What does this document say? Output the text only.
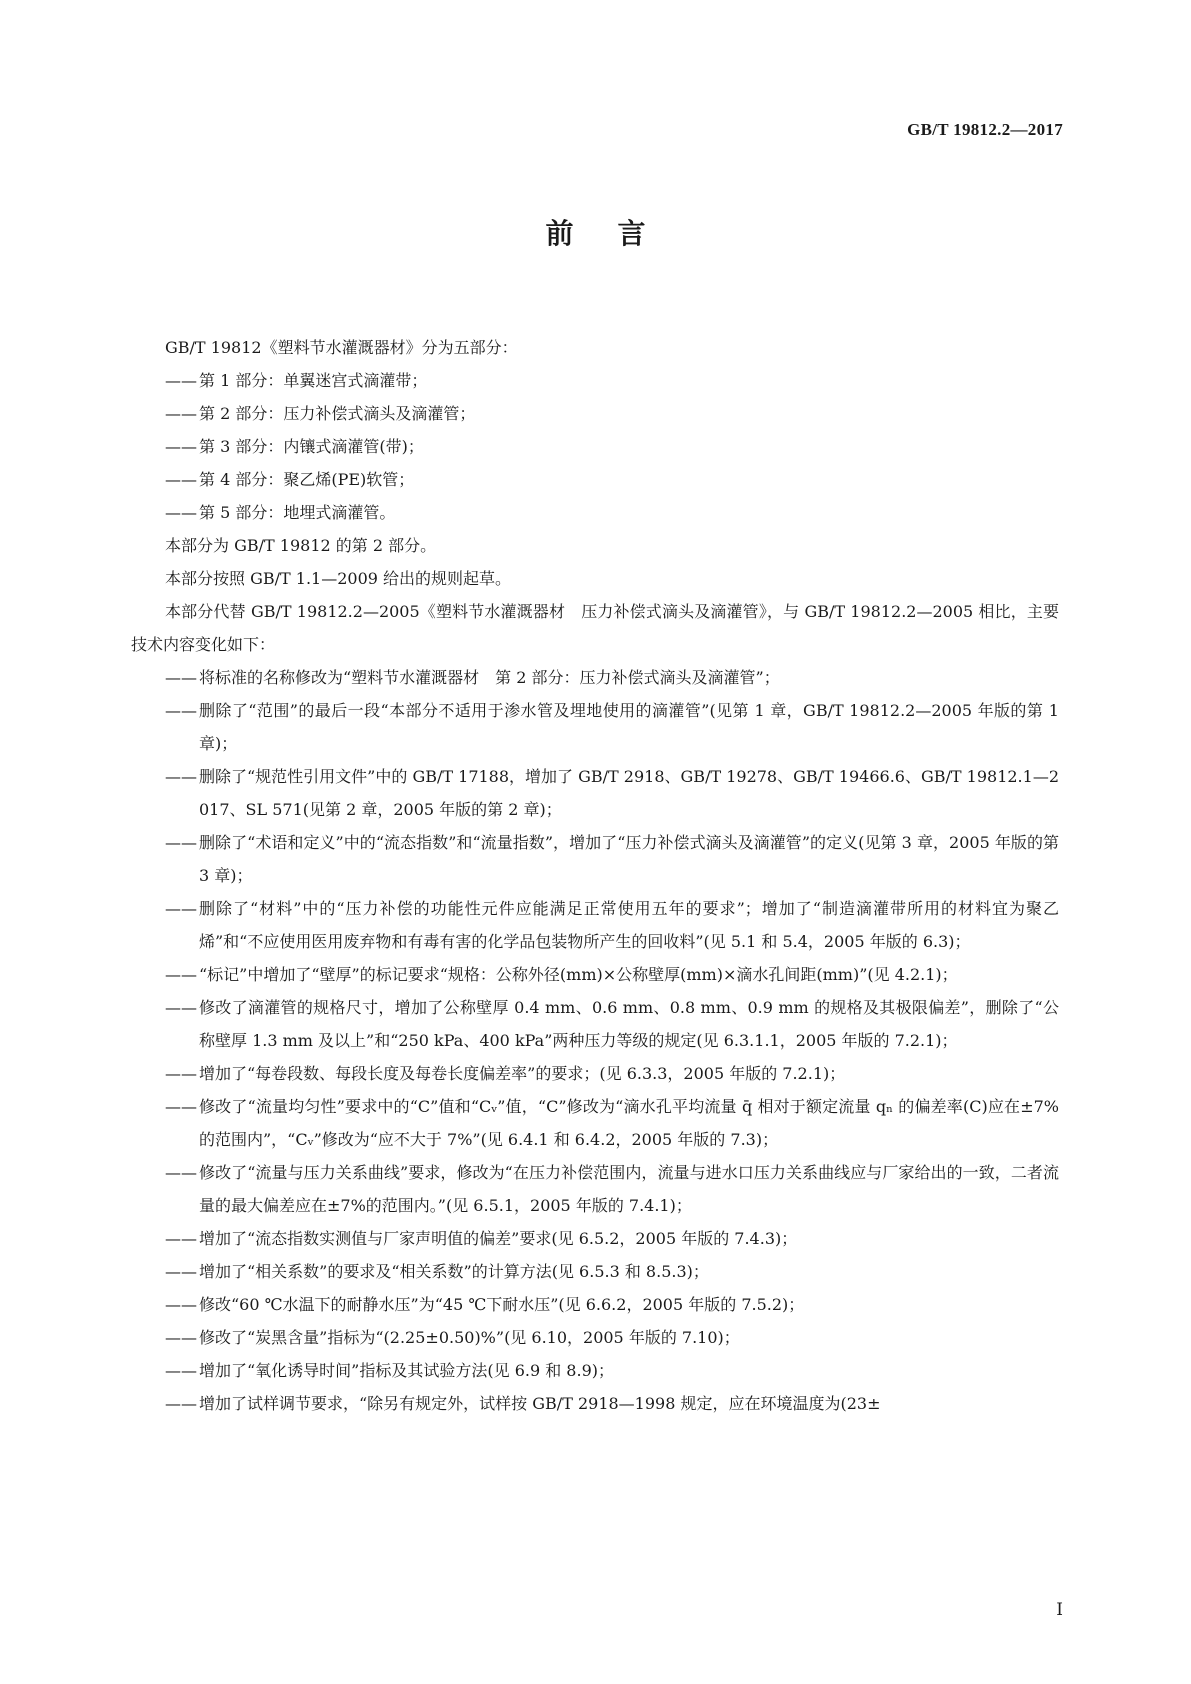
GB/T 19812.2—2017
前言

GB/T 19812《塑料节水灌溉器材》分为五部分：

—— 第 1 部分：单翼迷宫式滴灌带；
—— 第 2 部分：压力补偿式滴头及滴灌管；
—— 第 3 部分：内镶式滴灌管(带)；
—— 第 4 部分：聚乙烯(PE)软管；
—— 第 5 部分：地埋式滴灌管。

本部分为 GB/T 19812 的第 2 部分。

本部分按照 GB/T 1.1—2009 给出的规则起草。

本部分代替 GB/T 19812.2—2005《塑料节水灌溉器材　压力补偿式滴头及滴灌管》，与 GB/T 19812.2—2005 相比，主要技术内容变化如下：

—— 将标准的名称修改为“塑料节水灌溉器材　第 2 部分：压力补偿式滴头及滴灌管”；
—— 删除了“范围”的最后一段“本部分不适用于渗水管及埋地使用的滴灌管”(见第 1 章，GB/T 19812.2—2005 年版的第 1 章)；
—— 删除了“规范性引用文件”中的 GB/T 17188，增加了 GB/T 2918、GB/T 19278、GB/T 19466.6、GB/T 19812.1—2017、SL 571(见第 2 章，2005 年版的第 2 章)；
—— 删除了“术语和定义”中的“流态指数”和“流量指数”，增加了“压力补偿式滴头及滴灌管”的定义(见第 3 章，2005 年版的第 3 章)；
—— 删除了“材料”中的“压力补偿的功能性元件应能满足正常使用五年的要求”；增加了“制造滴灌带所用的材料宜为聚乙烯”和“不应使用医用废弃物和有毒有害的化学品包装物所产生的回收料”(见 5.1 和 5.4，2005 年版的 6.3)；
—— “标记”中增加了“壁厚”的标记要求“规格：公称外径(mm)×公称壁厚(mm)×滴水孔间距(mm)”(见 4.2.1)；
—— 修改了滴灌管的规格尺寸，增加了公称壁厚 0.4 mm、0.6 mm、0.8 mm、0.9 mm 的规格及其极限偏差”，删除了“公称壁厚 1.3 mm 及以上”和“250 kPa、400 kPa”两种压力等级的规定(见 6.3.1.1，2005 年版的 7.2.1)；
—— 增加了“每卷段数、每段长度及每卷长度偏差率”的要求；(见 6.3.3，2005 年版的 7.2.1)；
—— 修改了“流量均匀性”要求中的“C”值和“Cᵥ”值，“C”修改为“滴水孔平均流量 q̄ 相对于额定流量 qₙ 的偏差率(C)应在±7%的范围内”，“Cᵥ”修改为“应不大于 7%”(见 6.4.1 和 6.4.2，2005 年版的 7.3)；
—— 修改了“流量与压力关系曲线”要求，修改为“在压力补偿范围内，流量与进水口压力关系曲线应与厂家给出的一致，二者流量的最大偏差应在±7%的范围内。”(见 6.5.1，2005 年版的 7.4.1)；
—— 增加了“流态指数实测值与厂家声明值的偏差”要求(见 6.5.2，2005 年版的 7.4.3)；
—— 增加了“相关系数”的要求及“相关系数”的计算方法(见 6.5.3 和 8.5.3)；
—— 修改“60 ℃水温下的耐静水压”为“45 ℃下耐水压”(见 6.6.2，2005 年版的 7.5.2)；
—— 修改了“炭黑含量”指标为“(2.25±0.50)%”(见 6.10，2005 年版的 7.10)；
—— 增加了“氧化诱导时间”指标及其试验方法(见 6.9 和 8.9)；
—— 增加了试样调节要求，“除另有规定外，试样按 GB/T 2918—1998 规定，应在环境温度为(23±
I
